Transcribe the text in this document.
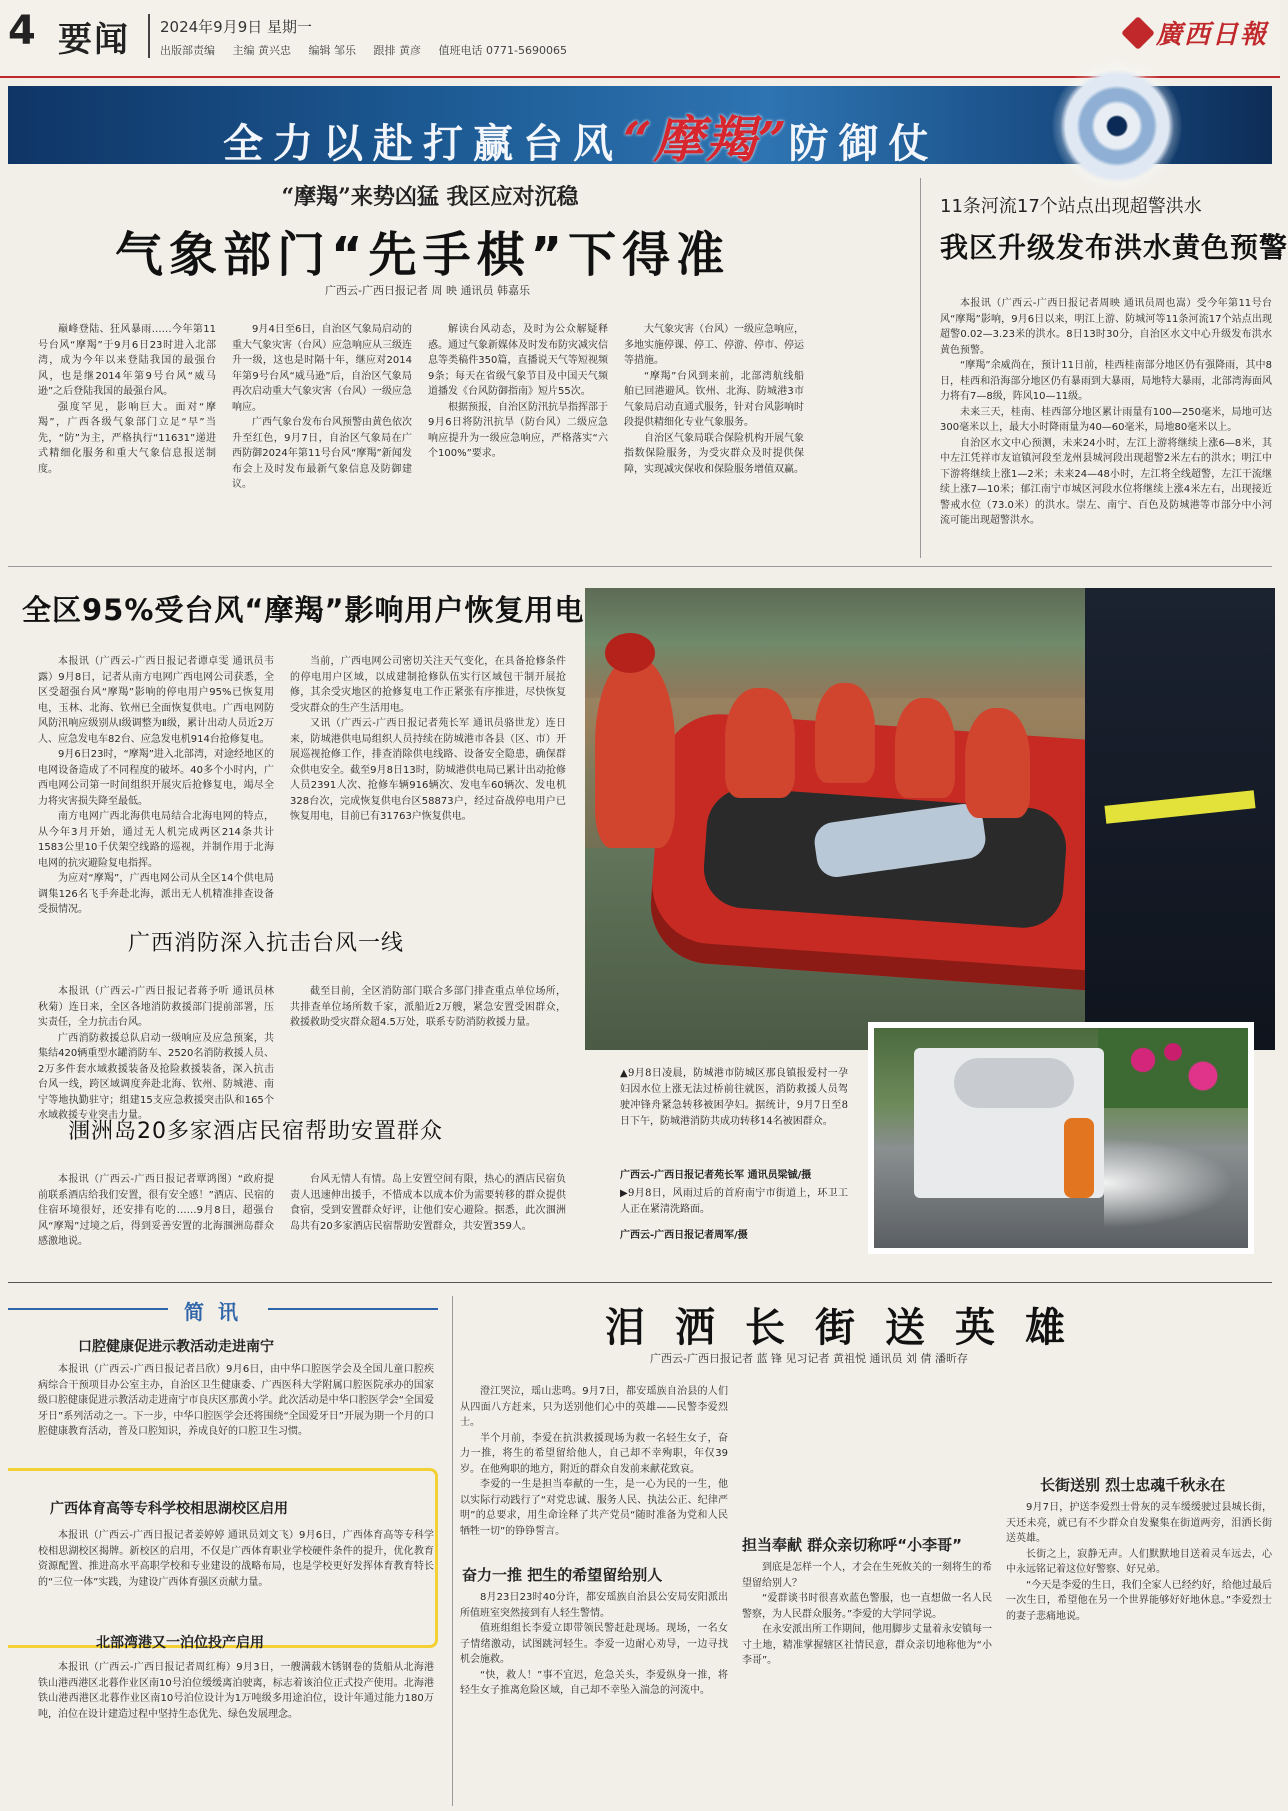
4 要闻 2024年9月9日 星期一
出版部责编 主编 黄兴忠 编辑 邹乐 跟排 黄彦 值班电话 0771-5690065
廣西日報
全力以赴打赢台风“摩羯”防御仗
“摩羯”来势凶猛 我区应对沉稳
气象部门“先手棋”下得准
广西云-广西日报记者 周 映 通讯员 韩嘉乐

巅峰登陆、狂风暴雨……今年第11号台风“摩羯”于9月6日23时进入北部湾，成为今年以来登陆我国的最强台风，也是继2014年第9号台风“威马逊”之后登陆我国的最强台风。

强度罕见，影响巨大。面对“摩羯”，广西各级气象部门立足“早”当先，“防”为主，严格执行“11631”递进式精细化服务和重大气象信息报送制度。

9月4日至6日，自治区气象局启动的重大气象灾害（台风）应急响应从三级连升一级，这也是时隔十年，继应对2014年第9号台风“威马逊”后，自治区气象局再次启动重大气象灾害（台风）一级应急响应。

广西气象台发布台风预警由黄色依次升至红色，9月7日，自治区气象局在广西防御2024年第11号台风“摩羯”新闻发布会上及时发布最新气象信息及防御建议。

解读台风动态，及时为公众解疑释惑。通过气象新媒体及时发布防灾减灾信息等类稿件350篇，直播说天气等短视频9条；每天在省级气象节目及中国天气频道播发《台风防御指南》短片55次。

根据预报，自治区防汛抗旱指挥部于9月6日将防汛抗旱（防台风）二级应急响应提升为一级应急响应，严格落实“六个100%”要求。

大气象灾害（台风）一级应急响应，多地实施停课、停工、停游、停市、停运等措施。

“摩羯”台风到来前，北部湾航线船舶已回港避风。钦州、北海、防城港3市气象局启动直通式服务，针对台风影响时段提供精细化专业气象服务。

自治区气象局联合保险机构开展气象指数保险服务，为受灾群众及时提供保障，实现减灾保收和保险服务增值双赢。

11条河流17个站点出现超警洪水
我区升级发布洪水黄色预警

本报讯（广西云-广西日报记者周映 通讯员周也嵩）受今年第11号台风“摩羯”影响，9月6日以来，明江上游、防城河等11条河流17个站点出现超警0.02—3.23米的洪水。8日13时30分，自治区水文中心升级发布洪水黄色预警。

“摩羯”余威尚在，预计11日前，桂西桂南部分地区仍有强降雨，其中8日，桂西和沿海部分地区仍有暴雨到大暴雨，局地特大暴雨，北部湾海面风力将有7—8级，阵风10—11级。

未来三天，桂南、桂西部分地区累计雨量有100—250毫米，局地可达300毫米以上，最大小时降雨量为40—60毫米，局地80毫米以上。

自治区水文中心预测，未来24小时，左江上游将继续上涨6—8米，其中左江凭祥市友谊镇河段至龙州县城河段出现超警2米左右的洪水；明江中下游将继续上涨1—2米；未来24—48小时，左江将全线超警，左江干流继续上涨7—10米；郁江南宁市城区河段水位将继续上涨4米左右，出现接近警戒水位（73.0米）的洪水。崇左、南宁、百色及防城港等市部分中小河流可能出现超警洪水。

全区95%受台风“摩羯”影响用户恢复用电

本报讯（广西云-广西日报记者谭卓雯 通讯员韦露）9月8日，记者从南方电网广西电网公司获悉，全区受超强台风“摩羯”影响的停电用户95%已恢复用电，玉林、北海、钦州已全面恢复供电。广西电网防风防汛响应级别从Ⅰ级调整为Ⅱ级，累计出动人员近2万人、应急发电车82台、应急发电机914台抢修复电。

9月6日23时，“摩羯”进入北部湾，对途经地区的电网设备造成了不同程度的破坏。40多个小时内，广西电网公司第一时间组织开展灾后抢修复电，竭尽全力将灾害损失降至最低。

南方电网广西北海供电局结合北海电网的特点，从今年3月开始，通过无人机完成两区214条共计1583公里10千伏架空线路的巡视，并制作用于北海电网的抗灾避险复电指挥。

为应对“摩羯”，广西电网公司从全区14个供电局调集126名飞手奔赴北海，派出无人机精准排查设备受损情况。

当前，广西电网公司密切关注天气变化，在具备抢修条件的停电用户区域，以成建制抢修队伍实行区域包干制开展抢修，其余受灾地区的抢修复电工作正紧张有序推进，尽快恢复受灾群众的生产生活用电。

又讯（广西云-广西日报记者苑长军 通讯员骆世龙）连日来，防城港供电局组织人员持续在防城港市各县（区、市）开展巡视抢修工作，排查消除供电线路、设备安全隐患，确保群众供电安全。截至9月8日13时，防城港供电局已累计出动抢修人员2391人次、抢修车辆916辆次、发电车60辆次、发电机328台次，完成恢复供电台区58873户，经过奋战停电用户已恢复用电，目前已有31763户恢复供电。

广西消防深入抗击台风一线

本报讯（广西云-广西日报记者蒋予听 通讯员林秋菊）连日来，全区各地消防救援部门提前部署，压实责任，全力抗击台风。

广西消防救援总队启动一级响应及应急预案，共集结420辆重型水罐消防车、2520名消防救援人员、2万多件套水域救援装备及抢险救援装备，深入抗击台风一线，跨区域调度奔赴北海、钦州、防城港、南宁等地执勤驻守；组建15支应急救援突击队和165个水域救援专业突击力量。

截至目前，全区消防部门联合多部门排查重点单位场所，共排查单位场所数千家，派船近2万艘，紧急安置受困群众，救援救助受灾群众超4.5万处，联系专防消防救援力量。

涠洲岛20多家酒店民宿帮助安置群众

本报讯（广西云-广西日报记者覃鸿图）“政府提前联系酒店给我们安置，很有安全感！”酒店、民宿的住宿环境很好，还安排有吃的……9月8日，超强台风“摩羯”过境之后，得到妥善安置的北海涠洲岛群众感激地说。

台风无情人有情。岛上安置空间有限，热心的酒店民宿负责人迅速伸出援手，不惜成本以成本价为需要转移的群众提供食宿，受到安置群众好评，让他们安心避险。据悉，此次涠洲岛共有20多家酒店民宿帮助安置群众，共安置359人。

▲9月8日凌晨，防城港市防城区那良镇报爱村一孕妇因水位上涨无法过桥前往就医，消防救援人员驾驶冲锋舟紧急转移被困孕妇。据统计，9月7日至8日下午，防城港消防共成功转移14名被困群众。
广西云-广西日报记者苑长军 通讯员梁铖/摄
▶9月8日，风雨过后的首府南宁市街道上，环卫工人正在紧清洗路面。
广西云-广西日报记者周军/摄
简讯
口腔健康促进示教活动走进南宁
本报讯（广西云-广西日报记者吕欣）9月6日，由中华口腔医学会及全国儿童口腔疾病综合干预项目办公室主办，自治区卫生健康委、广西医科大学附属口腔医院承办的国家级口腔健康促进示教活动走进南宁市良庆区那黄小学。此次活动是中华口腔医学会“全国爱牙日”系列活动之一。下一步，中华口腔医学会还将围绕“全国爱牙日”开展为期一个月的口腔健康教育活动，普及口腔知识，养成良好的口腔卫生习惯。
广西体育高等专科学校相思湖校区启用
本报讯（广西云-广西日报记者姜婷婷 通讯员刘文飞）9月6日，广西体育高等专科学校相思湖校区揭牌。新校区的启用，不仅是广西体育职业学校硬件条件的提升，优化教育资源配置、推进高水平高职学校和专业建设的战略布局，也是学校更好发挥体育教育特长的“三位一体”实践，为建设广西体育强区贡献力量。
北部湾港又一泊位投产启用
本报讯（广西云-广西日报记者周红梅）9月3日，一艘满载木锈钢卷的货船从北海港铁山港西港区北暮作业区南10号泊位缓缓离泊驶离，标志着该泊位正式投产使用。北海港铁山港西港区北暮作业区南10号泊位设计为1万吨级多用途泊位，设计年通过能力180万吨，泊位在设计建造过程中坚持生态优先、绿色发展理念。
泪洒长街送英雄
广西云-广西日报记者 蓝 锋 见习记者 黄祖悦 通讯员 刘 倩 潘昕存

澄江哭泣，瑶山悲鸣。9月7日，都安瑶族自治县的人们从四面八方赶来，只为送别他们心中的英雄——民警李爱烈士。

半个月前，李爱在抗洪救援现场为救一名轻生女子，奋力一推，将生的希望留给他人，自己却不幸殉职，年仅39岁。在他殉职的地方，附近的群众自发前来献花致哀。

李爱的一生是担当奉献的一生，是一心为民的一生，他以实际行动践行了“对党忠诚、服务人民、执法公正、纪律严明”的总要求，用生命诠释了共产党员“随时准备为党和人民牺牲一切”的铮铮誓言。

奋力一推 把生的希望留给别人

8月23日23时40分许，都安瑶族自治县公安局安阳派出所值班室突然接到有人轻生警情。

值班组组长李爱立即带领民警赶赴现场。现场，一名女子情绪激动，试图跳河轻生。李爱一边耐心劝导，一边寻找机会施救。

“快，救人！”事不宜迟，危急关头，李爱纵身一推，将轻生女子推离危险区域，自己却不幸坠入湍急的河流中。

担当奉献 群众亲切称呼“小李哥”

到底是怎样一个人，才会在生死攸关的一刻将生的希望留给别人？

“爱群谈书时很喜欢蓝色警服，也一直想做一名人民警察，为人民群众服务。”李爱的大学同学说。

在永安派出所工作期间，他用脚步丈量着永安镇每一寸土地，精准掌握辖区社情民意，群众亲切地称他为“小李哥”。

长街送别 烈士忠魂千秋永在

9月7日，护送李爱烈士骨灰的灵车缓缓驶过县城长街，天还未亮，就已有不少群众自发聚集在街道两旁，泪洒长街送英雄。

长街之上，寂静无声。人们默默地目送着灵车远去，心中永远铭记着这位好警察、好兄弟。

“今天是李爱的生日，我们全家人已经约好，给他过最后一次生日，希望他在另一个世界能够好好地休息。”李爱烈士的妻子悲痛地说。
